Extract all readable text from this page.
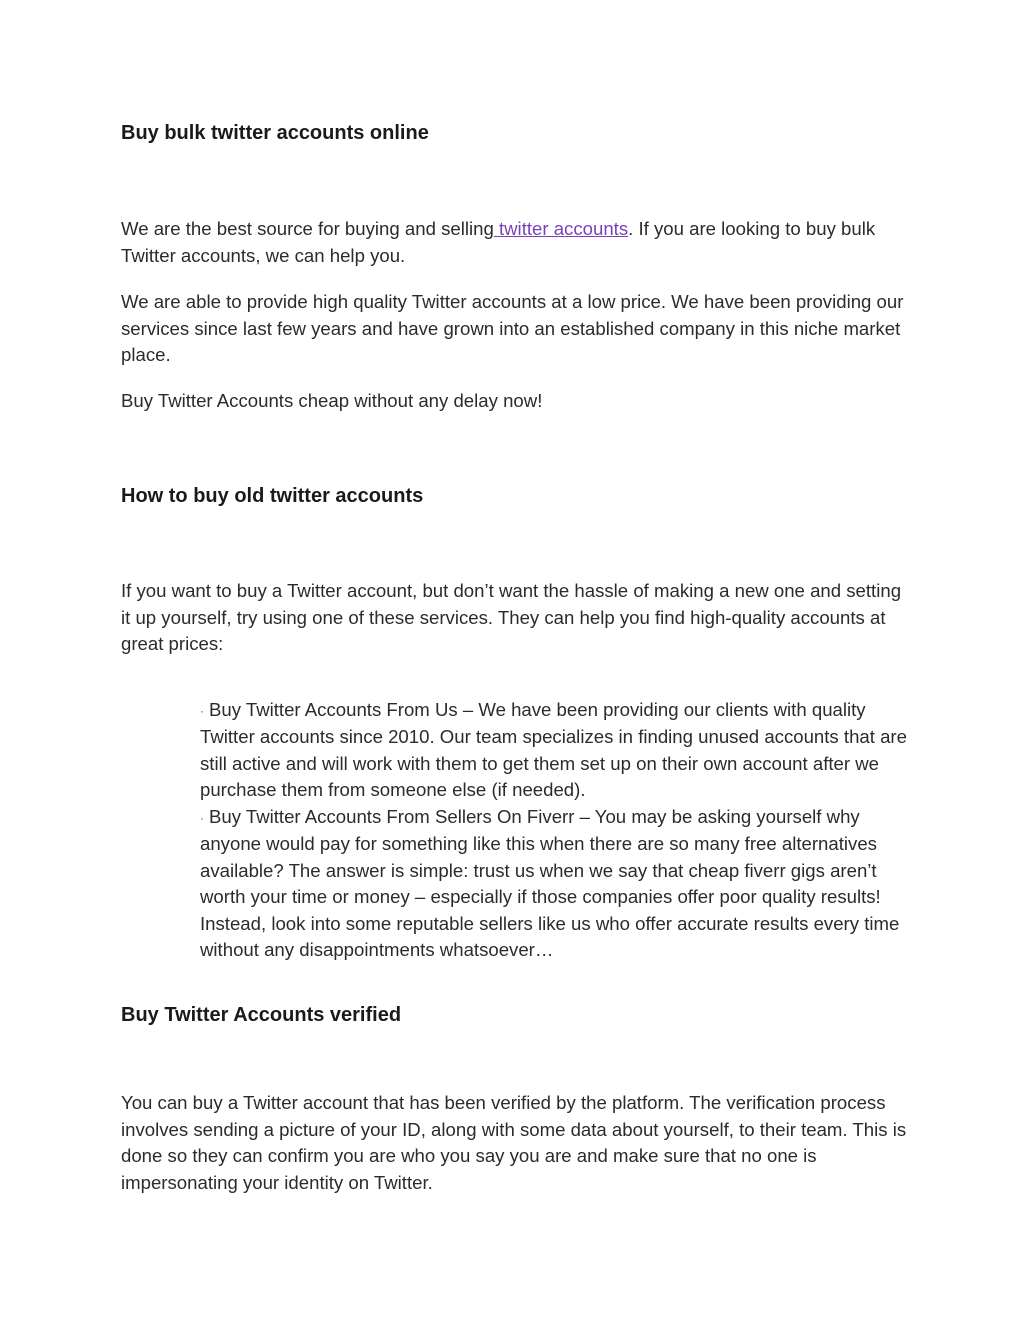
Buy bulk twitter accounts online

We are the best source for buying and selling twitter accounts. If you are looking to buy bulk Twitter accounts, we can help you.

We are able to provide high quality Twitter accounts at a low price. We have been providing our services since last few years and have grown into an established company in this niche market place.

Buy Twitter Accounts cheap without any delay now!

How to buy old twitter accounts

If you want to buy a Twitter account, but don’t want the hassle of making a new one and setting it up yourself, try using one of these services. They can help you find high-quality accounts at great prices:

· Buy Twitter Accounts From Us – We have been providing our clients with quality Twitter accounts since 2010. Our team specializes in finding unused accounts that are still active and will work with them to get them set up on their own account after we purchase them from someone else (if needed).

· Buy Twitter Accounts From Sellers On Fiverr – You may be asking yourself why anyone would pay for something like this when there are so many free alternatives available? The answer is simple: trust us when we say that cheap fiverr gigs aren’t worth your time or money – especially if those companies offer poor quality results! Instead, look into some reputable sellers like us who offer accurate results every time without any disappointments whatsoever…

Buy Twitter Accounts verified

You can buy a Twitter account that has been verified by the platform. The verification process involves sending a picture of your ID, along with some data about yourself, to their team. This is done so they can confirm you are who you say you are and make sure that no one is impersonating your identity on Twitter.
